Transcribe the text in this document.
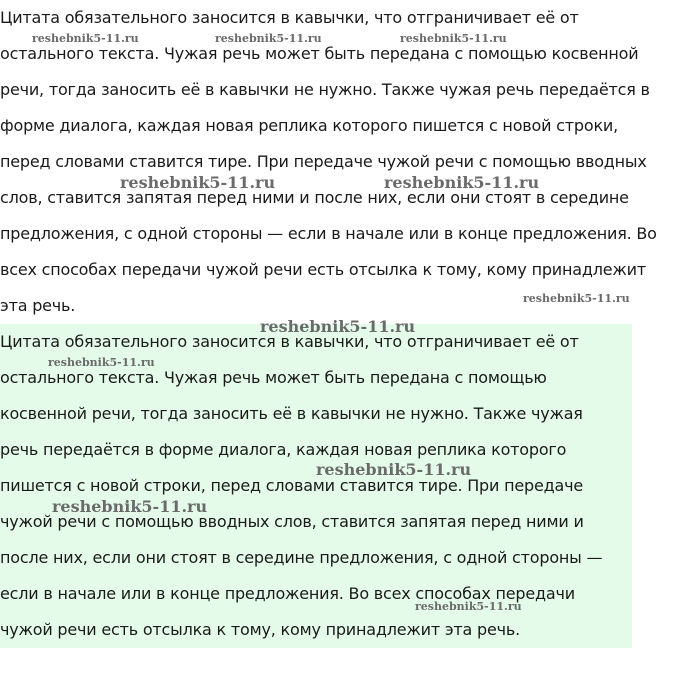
Цитата обязательного заносится в кавычки, что отграничивает её от
остального текста. Чужая речь может быть передана с помощью косвенной
речи, тогда заносить её в кавычки не нужно. Также чужая речь передаётся в
форме диалога, каждая новая реплика которого пишется с новой строки,
перед словами ставится тире. При передаче чужой речи с помощью вводных
слов, ставится запятая перед ними и после них, если они стоят в середине
предложения, с одной стороны — если в начале или в конце предложения. Во
всех способах передачи чужой речи есть отсылка к тому, кому принадлежит
эта речь.
Цитата обязательного заносится в кавычки, что отграничивает её от
остального текста. Чужая речь может быть передана с помощью
косвенной речи, тогда заносить её в кавычки не нужно. Также чужая
речь передаётся в форме диалога, каждая новая реплика которого
пишется с новой строки, перед словами ставится тире. При передаче
чужой речи с помощью вводных слов, ставится запятая перед ними и
после них, если они стоят в середине предложения, с одной стороны —
если в начале или в конце предложения. Во всех способах передачи
чужой речи есть отсылка к тому, кому принадлежит эта речь.
reshebnik5-11.ru	reshebnik5-11.ru	reshebnik5-11.ru
reshebnik5-11.ru	reshebnik5-11.ru
reshebnik5-11.ru
reshebnik5-11.ru
reshebnik5-11.ru
reshebnik5-11.ru
reshebnik5-11.ru
reshebnik5-11.ru
